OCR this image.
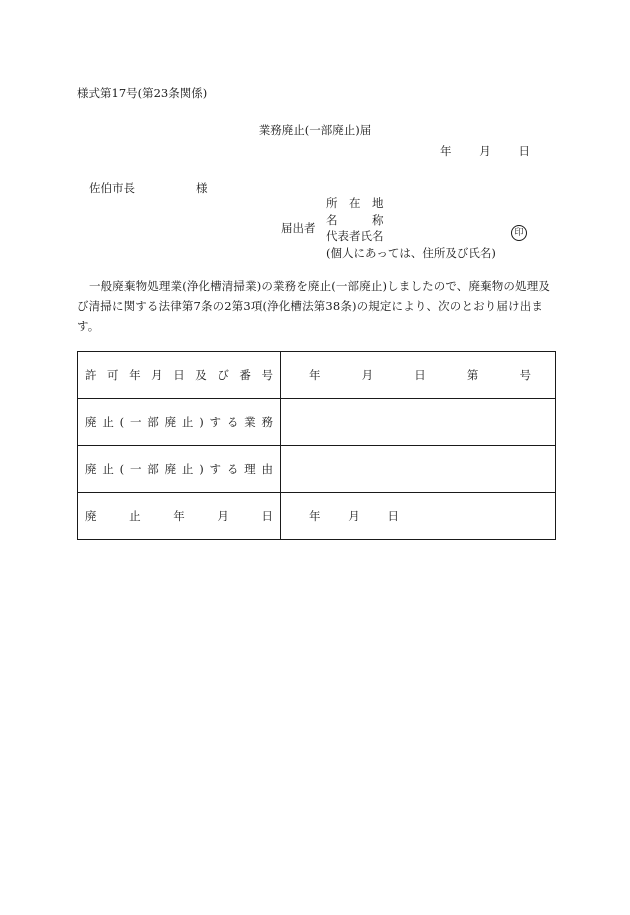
様式第17号(第23条関係)
業務廃止(一部廃止)届
年 月 日
佐伯市長	様
届出者
所　在　地
名　　　称
代表者氏名
(個人にあっては、住所及び氏名)
印
一般廃棄物処理業(浄化槽清掃業)の業務を廃止(一部廃止)しましたので、廃棄物の処理及び清掃に関する法律第7条の2第3項(浄化槽法第38条)の規定により、次のとおり届け出ます。
許可年月日及び番号	年 月 日 第 号

廃止(一部廃止)する業務	
廃止(一部廃止)する理由	
廃止年月日	年 月 日
